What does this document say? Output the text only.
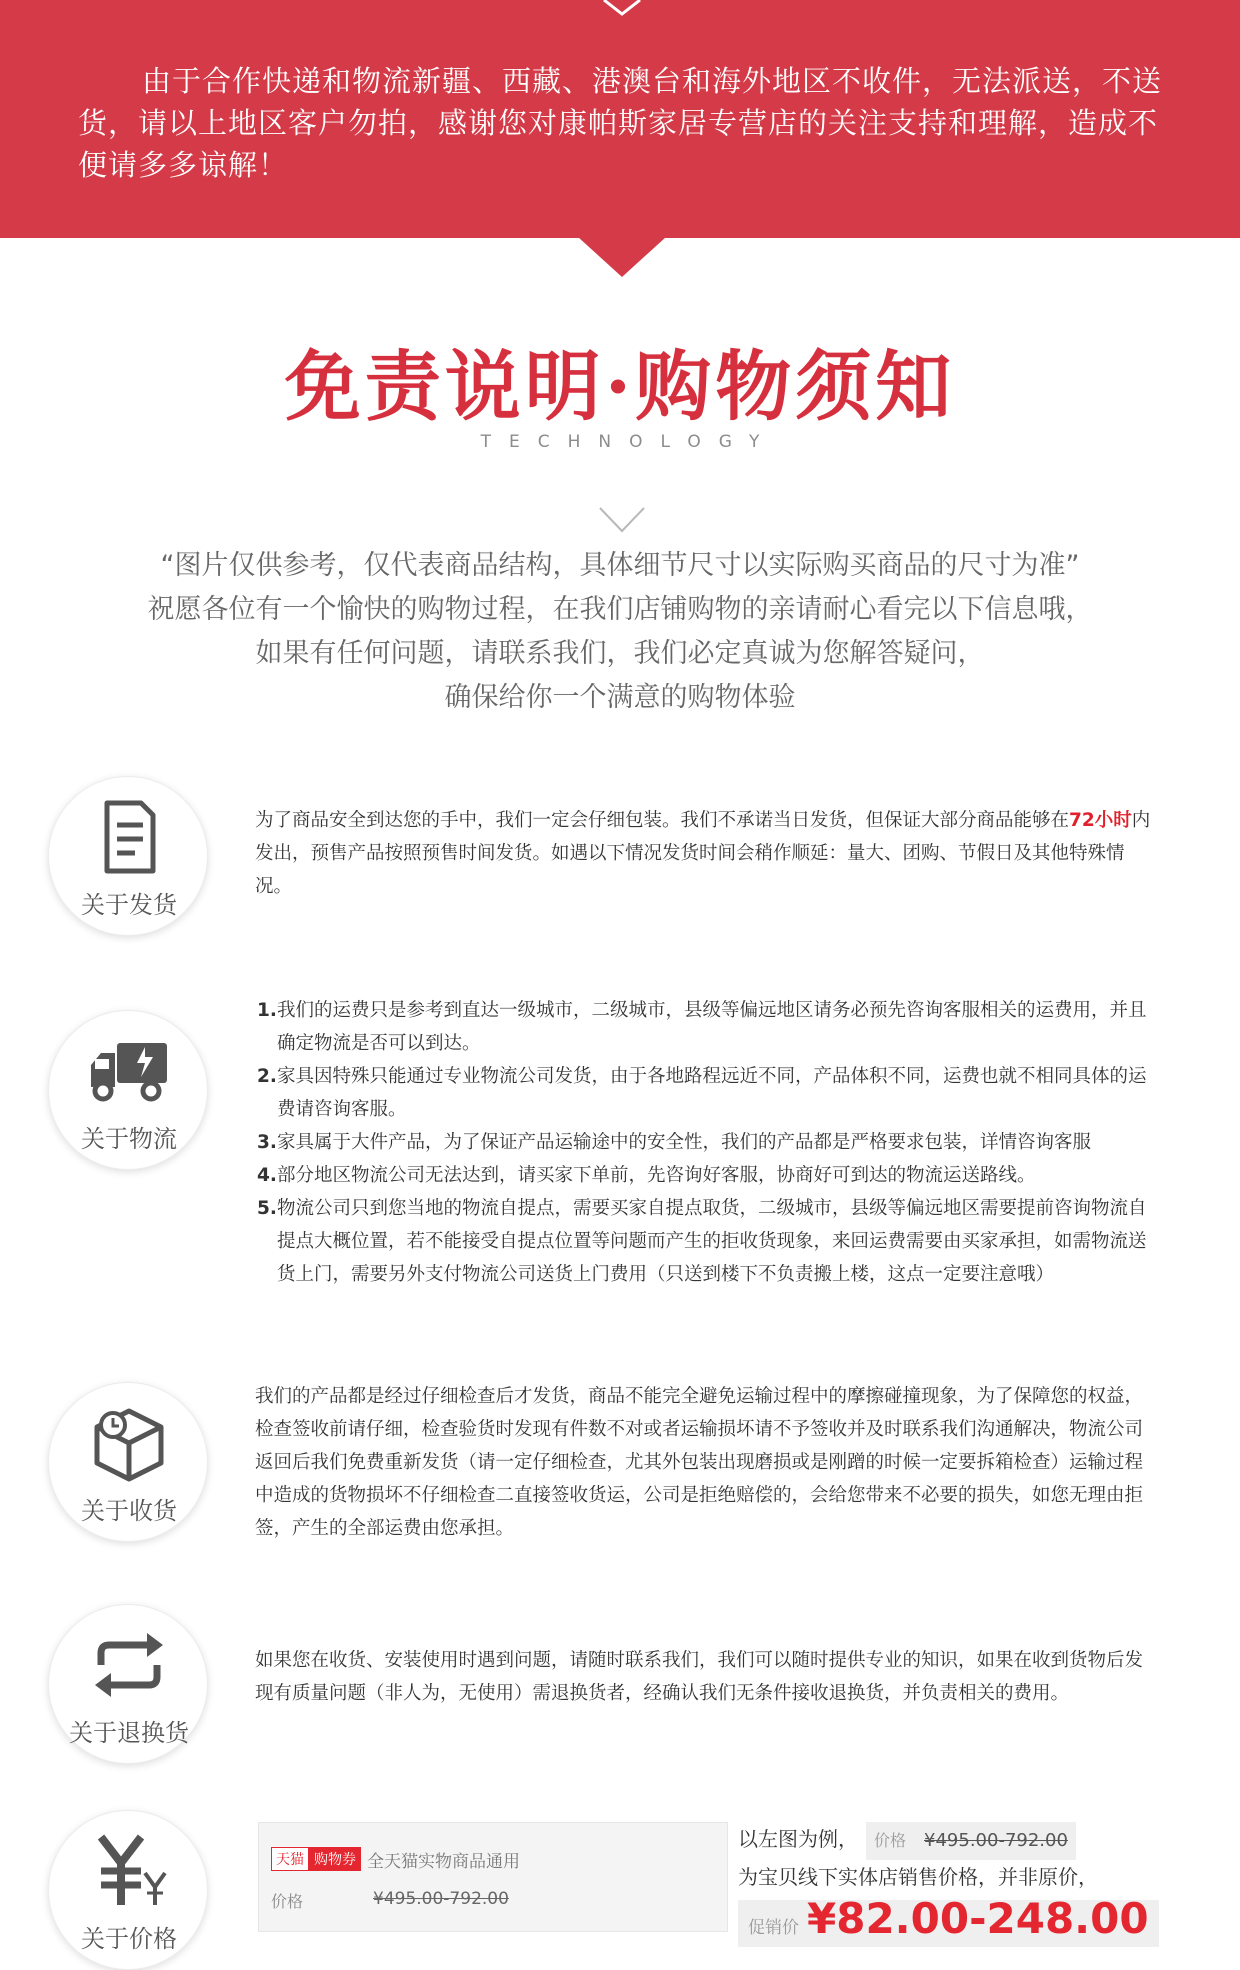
由于合作快递和物流新疆、西藏、港澳台和海外地区不收件，无法派送，不送货，请以上地区客户勿拍，感谢您对康帕斯家居专营店的关注支持和理解，造成不便请多多谅解！
免责说明·购物须知
TECHNOLOGY
“图片仅供参考，仅代表商品结构，具体细节尺寸以实际购买商品的尺寸为准”
祝愿各位有一个愉快的购物过程，在我们店铺购物的亲请耐心看完以下信息哦，
如果有任何问题，请联系我们，我们必定真诚为您解答疑问，
确保给你一个满意的购物体验
关于发货
为了商品安全到达您的手中，我们一定会仔细包装。我们不承诺当日发货，但保证大部分商品能够在72小时内发出，预售产品按照预售时间发货。如遇以下情况发货时间会稍作顺延：量大、团购、节假日及其他特殊情况。
关于物流
1. 我们的运费只是参考到直达一级城市，二级城市，县级等偏远地区请务必预先咨询客服相关的运费用，并且确定物流是否可以到达。
2. 家具因特殊只能通过专业物流公司发货，由于各地路程远近不同，产品体积不同，运费也就不相同具体的运费请咨询客服。
3. 家具属于大件产品，为了保证产品运输途中的安全性，我们的产品都是严格要求包装，详情咨询客服
4. 部分地区物流公司无法达到，请买家下单前，先咨询好客服，协商好可到达的物流运送路线。
5. 物流公司只到您当地的物流自提点，需要买家自提点取货，二级城市，县级等偏远地区需要提前咨询物流自提点大概位置，若不能接受自提点位置等问题而产生的拒收货现象，来回运费需要由买家承担，如需物流送货上门，需要另外支付物流公司送货上门费用（只送到楼下不负责搬上楼，这点一定要注意哦）
关于收货
我们的产品都是经过仔细检查后才发货，商品不能完全避免运输过程中的摩擦碰撞现象，为了保障您的权益，检查签收前请仔细，检查验货时发现有件数不对或者运输损坏请不予签收并及时联系我们沟通解决，物流公司返回后我们免费重新发货（请一定仔细检查，尤其外包装出现磨损或是刚蹭的时候一定要拆箱检查）运输过程中造成的货物损坏不仔细检查二直接签收货运，公司是拒绝赔偿的，会给您带来不必要的损失，如您无理由拒签，产生的全部运费由您承担。
关于退换货
如果您在收货、安装使用时遇到问题，请随时联系我们，我们可以随时提供专业的知识，如果在收到货物后发现有质量问题（非人为，无使用）需退换货者，经确认我们无条件接收退换货，并负责相关的费用。
关于价格
天猫 购物券 全天猫实物商品通用
价格	¥495.00-792.00
以左图为例， 价格 ¥495.00-792.00
为宝贝线下实体店销售价格，并非原价，
促销价 ¥82.00-248.00
